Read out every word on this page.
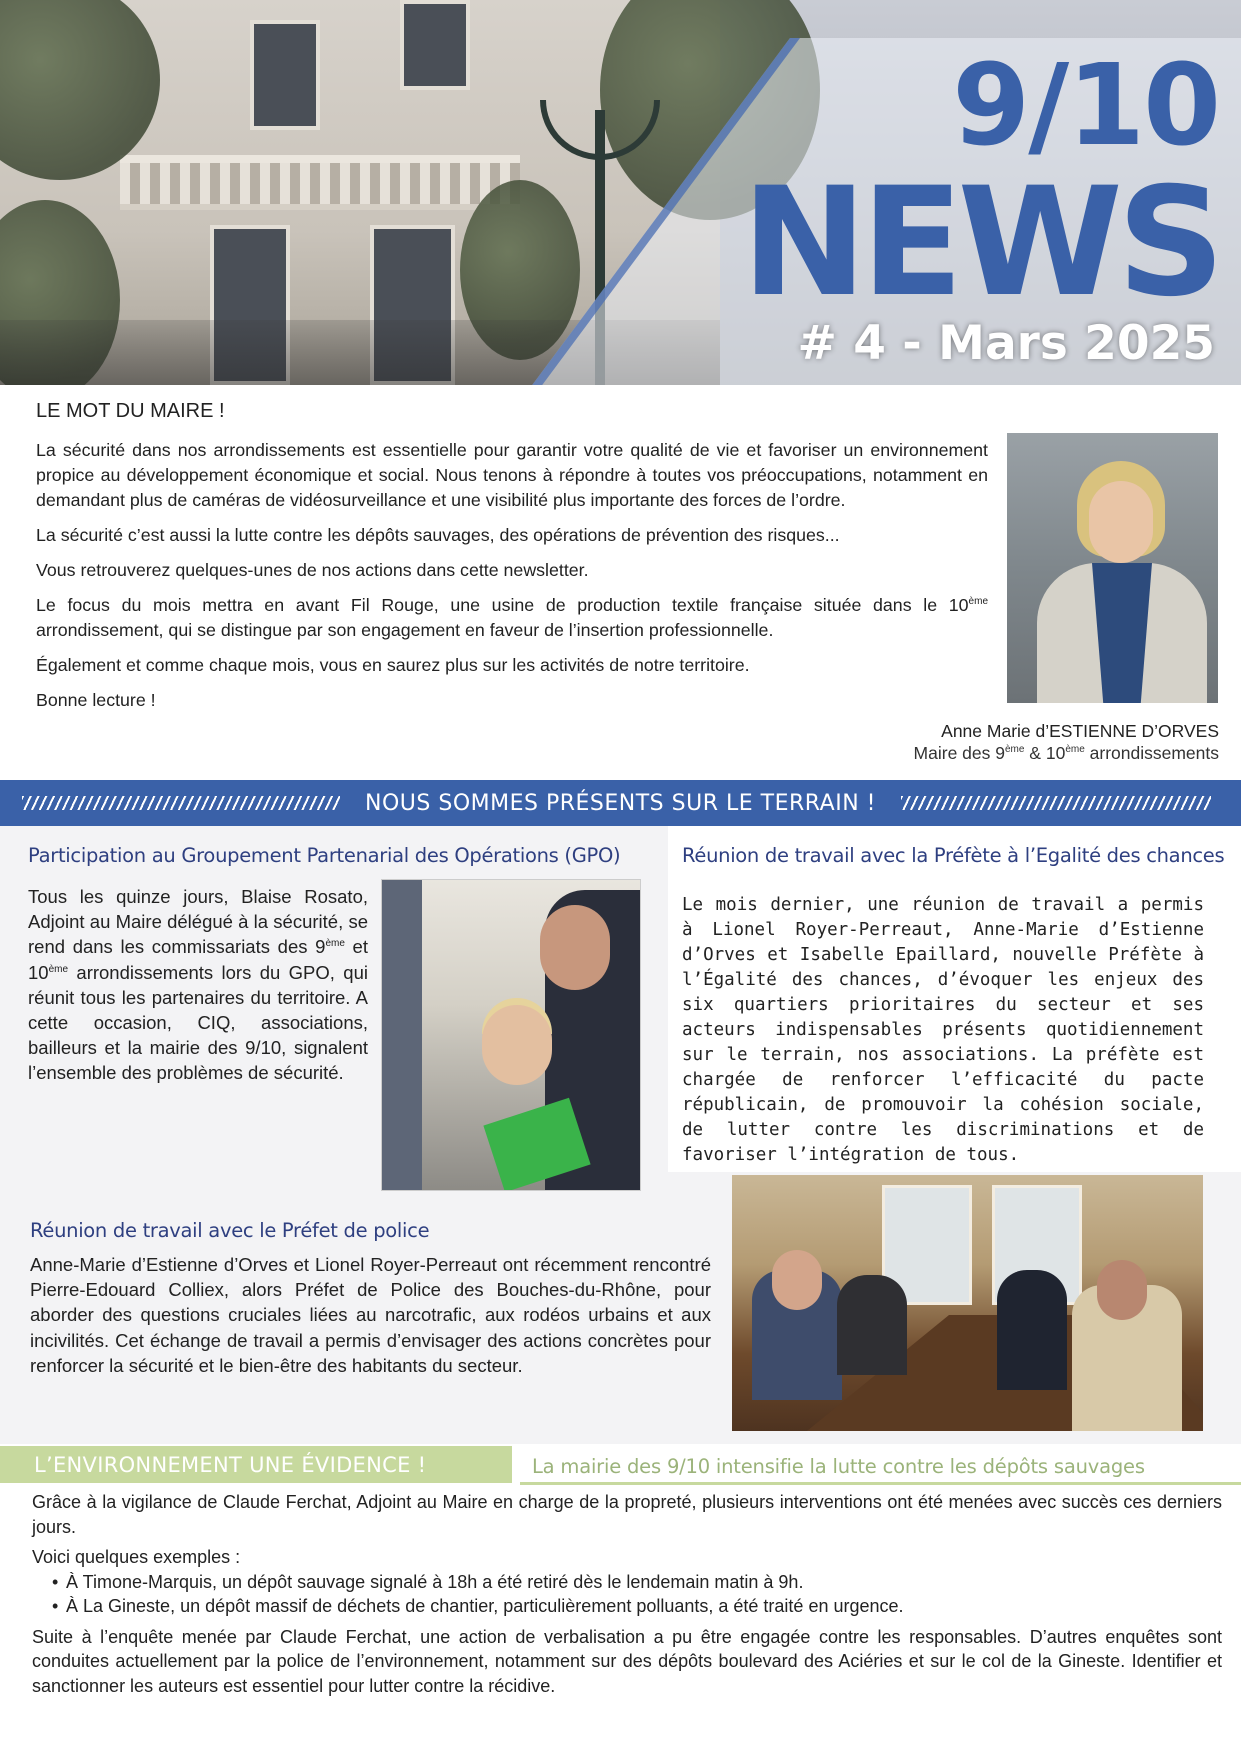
9/10
NEWS
# 4 - Mars 2025
LE MOT DU MAIRE !

La sécurité dans nos arrondissements est essentielle pour garantir votre qualité de vie et favoriser un environnement propice au développement économique et social. Nous tenons à répondre à toutes vos préoccupations, notamment en demandant plus de caméras de vidéosurveillance et une visibilité plus importante des forces de l’ordre.

La sécurité c’est aussi la lutte contre les dépôts sauvages, des opérations de prévention des risques...

Vous retrouverez quelques-unes de nos actions dans cette newsletter.

Le focus du mois mettra en avant Fil Rouge, une usine de production textile française située dans le 10ème arrondissement, qui se distingue par son engagement en faveur de l’insertion professionnelle.

Également et comme chaque mois, vous en saurez plus sur les activités de notre territoire.

Bonne lecture !

Anne Marie d’ESTIENNE D’ORVES
Maire des 9ème & 10ème arrondissements
NOUS SOMMES PRÉSENTS SUR LE TERRAIN !
Participation au Groupement Partenarial des Opérations (GPO)
Tous les quinze jours, Blaise Rosato, Adjoint au Maire délégué à la sécurité, se rend dans les commissariats des 9ème et 10ème arrondissements lors du GPO, qui réunit tous les partenaires du territoire. A cette occasion, CIQ, associations, bailleurs et la mairie des 9/10, signalent l’ensemble des problèmes de sécurité.
Réunion de travail avec la Préfète à l’Egalité des chances
Le mois dernier, une réunion de travail a permis à Lionel Royer-Perreaut, Anne-Marie d’Estienne d’Orves et Isabelle Epaillard, nouvelle Préfète à l’Égalité des chances, d’évoquer les enjeux des six quartiers prioritaires du secteur et ses acteurs indispensables présents quotidiennement sur le terrain, nos associations. La préfète est chargée de renforcer l’efficacité du pacte républicain, de promouvoir la cohésion sociale, de lutter contre les discriminations et de favoriser l’intégration de tous.
Réunion de travail avec le Préfet de police
Anne-Marie d’Estienne d’Orves et Lionel Royer-Perreaut ont récemment rencontré Pierre-Edouard Colliex, alors Préfet de Police des Bouches-du-Rhône, pour aborder des questions cruciales liées au narcotrafic, aux rodéos urbains et aux incivilités. Cet échange de travail a permis d’envisager des actions concrètes pour renforcer la sécurité et le bien-être des habitants du secteur.
L’ENVIRONNEMENT UNE ÉVIDENCE !	La mairie des 9/10 intensifie la lutte contre les dépôts sauvages

Grâce à la vigilance de Claude Ferchat, Adjoint au Maire en charge de la propreté, plusieurs interventions ont été menées avec succès ces derniers jours.

Voici quelques exemples :

• À Timone-Marquis, un dépôt sauvage signalé à 18h a été retiré dès le lendemain matin à 9h.
• À La Gineste, un dépôt massif de déchets de chantier, particulièrement polluants, a été traité en urgence.

Suite à l’enquête menée par Claude Ferchat, une action de verbalisation a pu être engagée contre les responsables. D’autres enquêtes sont conduites actuellement par la police de l’environnement, notamment sur des dépôts boulevard des Aciéries et sur le col de la Gineste. Identifier et sanctionner les auteurs est essentiel pour lutter contre la récidive.
